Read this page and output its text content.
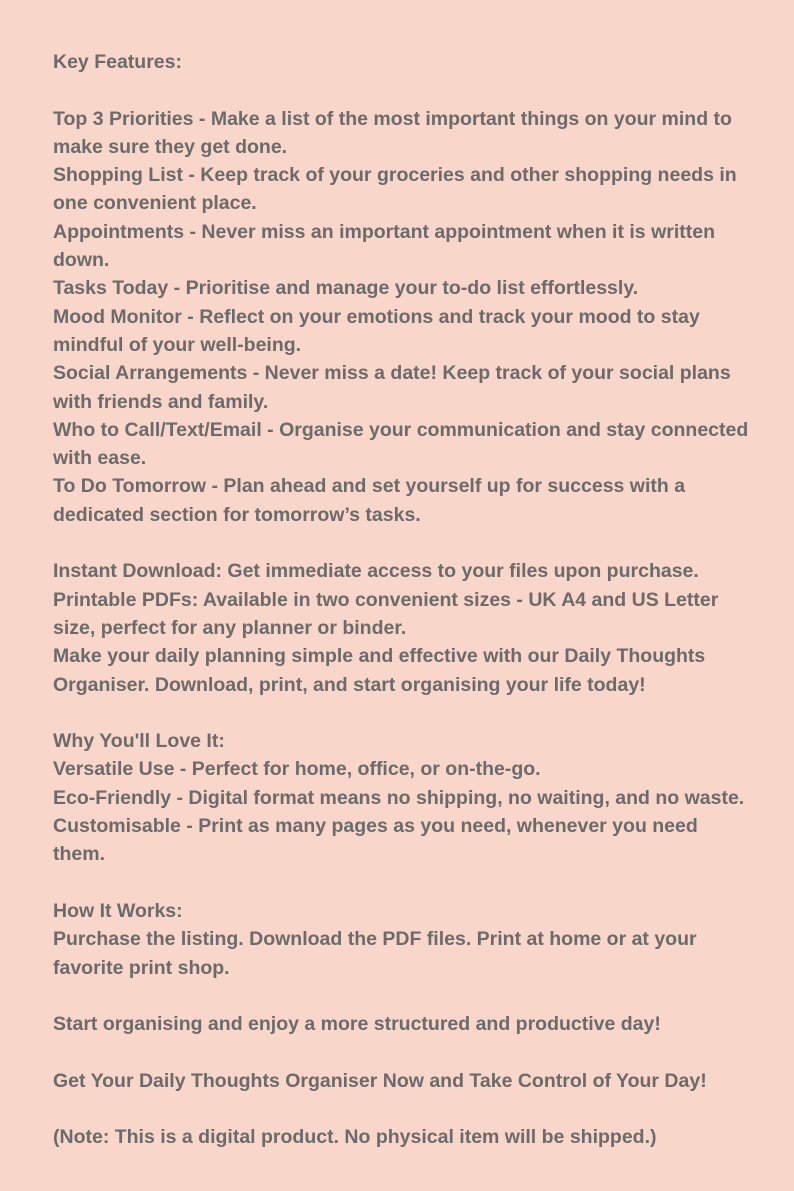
Key Features:
Top 3 Priorities - Make a list of the most important things on your mind to
make sure they get done.
Shopping List - Keep track of your groceries and other shopping needs in
one convenient place.
Appointments - Never miss an important appointment when it is written
down.
Tasks Today - Prioritise and manage your to-do list effortlessly.
Mood Monitor - Reflect on your emotions and track your mood to stay
mindful of your well-being.
Social Arrangements - Never miss a date! Keep track of your social plans
with friends and family.
Who to Call/Text/Email - Organise your communication and stay connected
with ease.
To Do Tomorrow - Plan ahead and set yourself up for success with a
dedicated section for tomorrow’s tasks.
Instant Download: Get immediate access to your files upon purchase.
Printable PDFs: Available in two convenient sizes - UK A4 and US Letter
size, perfect for any planner or binder.
Make your daily planning simple and effective with our Daily Thoughts
Organiser. Download, print, and start organising your life today!
Why You'll Love It:
Versatile Use - Perfect for home, office, or on-the-go.
Eco-Friendly - Digital format means no shipping, no waiting, and no waste.
Customisable - Print as many pages as you need, whenever you need
them.
How It Works:
Purchase the listing. Download the PDF files. Print at home or at your
favorite print shop.
Start organising and enjoy a more structured and productive day!
Get Your Daily Thoughts Organiser Now and Take Control of Your Day!
(Note: This is a digital product. No physical item will be shipped.)
